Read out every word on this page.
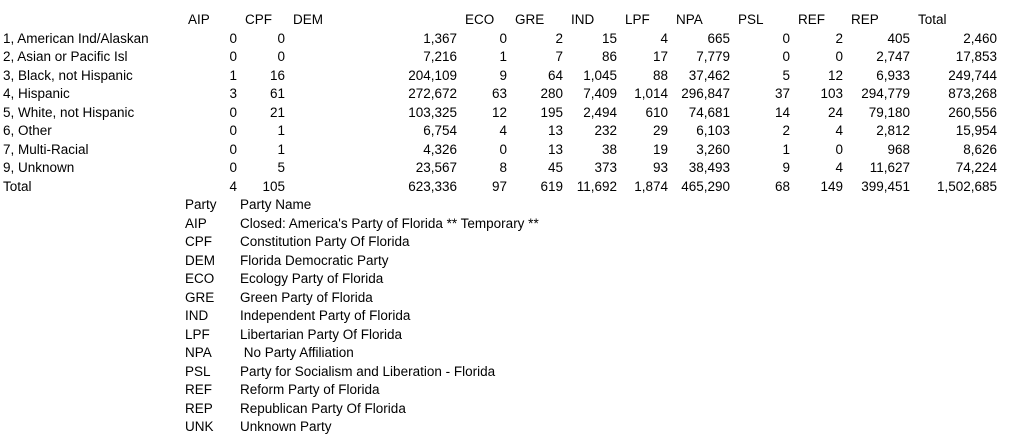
	AIP	CPF	DEM	ECO	GRE	IND	LPF	NPA	PSL	REF	REP	Total
1, American Ind/Alaskan	0	0	1,367	0	2	15	4	665	0	2	405	2,460
2, Asian or Pacific Isl	0	0	7,216	1	7	86	17	7,779	0	0	2,747	17,853
3, Black, not Hispanic	1	16	204,109	9	64	1,045	88	37,462	5	12	6,933	249,744
4, Hispanic	3	61	272,672	63	280	7,409	1,014	296,847	37	103	294,779	873,268
5, White, not Hispanic	0	21	103,325	12	195	2,494	610	74,681	14	24	79,180	260,556
6, Other	0	1	6,754	4	13	232	29	6,103	2	4	2,812	15,954
7, Multi-Racial	0	1	4,326	0	13	38	19	3,260	1	0	968	8,626
9, Unknown	0	5	23,567	8	45	373	93	38,493	9	4	11,627	74,224
Total	4	105	623,336	97	619	11,692	1,874	465,290	68	149	399,451	1,502,685
Party	Party Name
AIP	Closed: America's Party of Florida ** Temporary **
CPF	Constitution Party Of Florida
DEM	Florida Democratic Party
ECO	Ecology Party of Florida
GRE	Green Party of Florida
IND	Independent Party of Florida
LPF	Libertarian Party Of Florida
NPA	No Party Affiliation
PSL	Party for Socialism and Liberation - Florida
REF	Reform Party of Florida
REP	Republican Party Of Florida
UNK	Unknown Party
